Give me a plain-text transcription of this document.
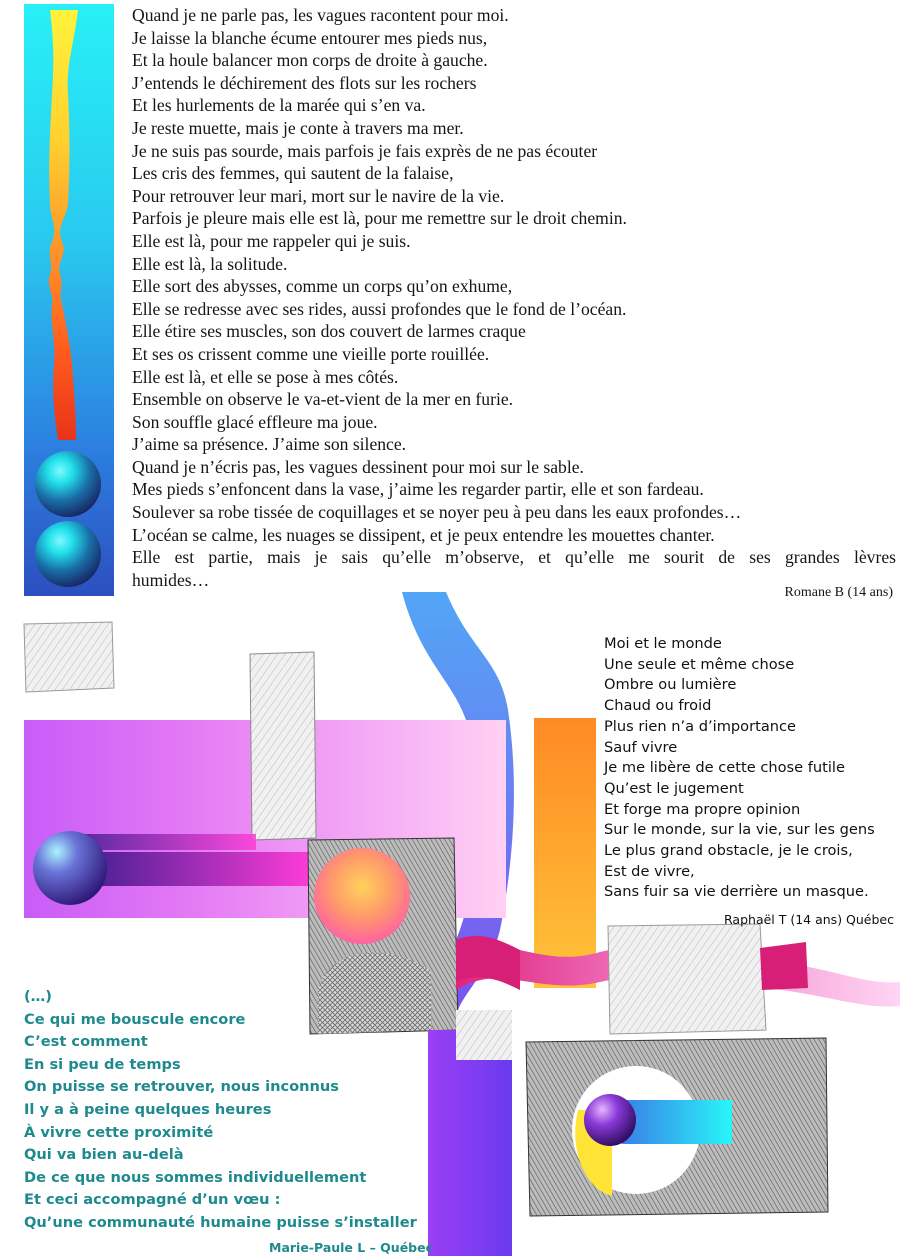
Quand je ne parle pas, les vagues racontent pour moi.
Je laisse la blanche écume entourer mes pieds nus,
Et la houle balancer mon corps de droite à gauche.
J’entends le déchirement des flots sur les rochers
Et les hurlements de la marée qui s’en va.
Je reste muette, mais je conte à travers ma mer.
Je ne suis pas sourde, mais parfois je fais exprès de ne pas écouter
Les cris des femmes, qui sautent de la falaise,
Pour retrouver leur mari, mort sur le navire de la vie.
Parfois je pleure mais elle est là, pour me remettre sur le droit chemin.
Elle est là, pour me rappeler qui je suis.
Elle est là, la solitude.
Elle sort des abysses, comme un corps qu’on exhume,
Elle se redresse avec ses rides, aussi profondes que le fond de l’océan.
Elle étire ses muscles, son dos couvert de larmes craque
Et ses os crissent comme une vieille porte rouillée.
Elle est là, et elle se pose à mes côtés.
Ensemble on observe le va-et-vient de la mer en furie.
Son souffle glacé effleure ma joue.
J’aime sa présence. J’aime son silence.
Quand je n’écris pas, les vagues dessinent pour moi sur le sable.
Mes pieds s’enfoncent dans la vase, j’aime les regarder partir, elle et son fardeau.
Soulever sa robe tissée de coquillages et se noyer peu à peu dans les eaux profondes…
L’océan se calme, les nuages se dissipent, et je peux entendre les mouettes chanter.
Elle est partie, mais je sais qu’elle m’observe, et qu’elle me sourit de ses grandes lèvres
humides…
Romane B (14 ans)
Moi et le monde
Une seule et même chose
Ombre ou lumière
Chaud ou froid
Plus rien n’a d’importance
Sauf vivre
Je me libère de cette chose futile
Qu’est le jugement
Et forge ma propre opinion
Sur le monde, sur la vie, sur les gens
Le plus grand obstacle, je le crois,
Est de vivre,
Sans fuir sa vie derrière un masque.
Raphaël T (14 ans) Québec
(…)
Ce qui me bouscule encore
C’est comment
En si peu de temps
On puisse se retrouver, nous inconnus
Il y a à peine quelques heures
À vivre cette proximité
Qui va bien au-delà
De ce que nous sommes individuellement
Et ceci accompagné d’un vœu :
Qu’une communauté humaine puisse s’installer
Marie-Paule L – Québec
